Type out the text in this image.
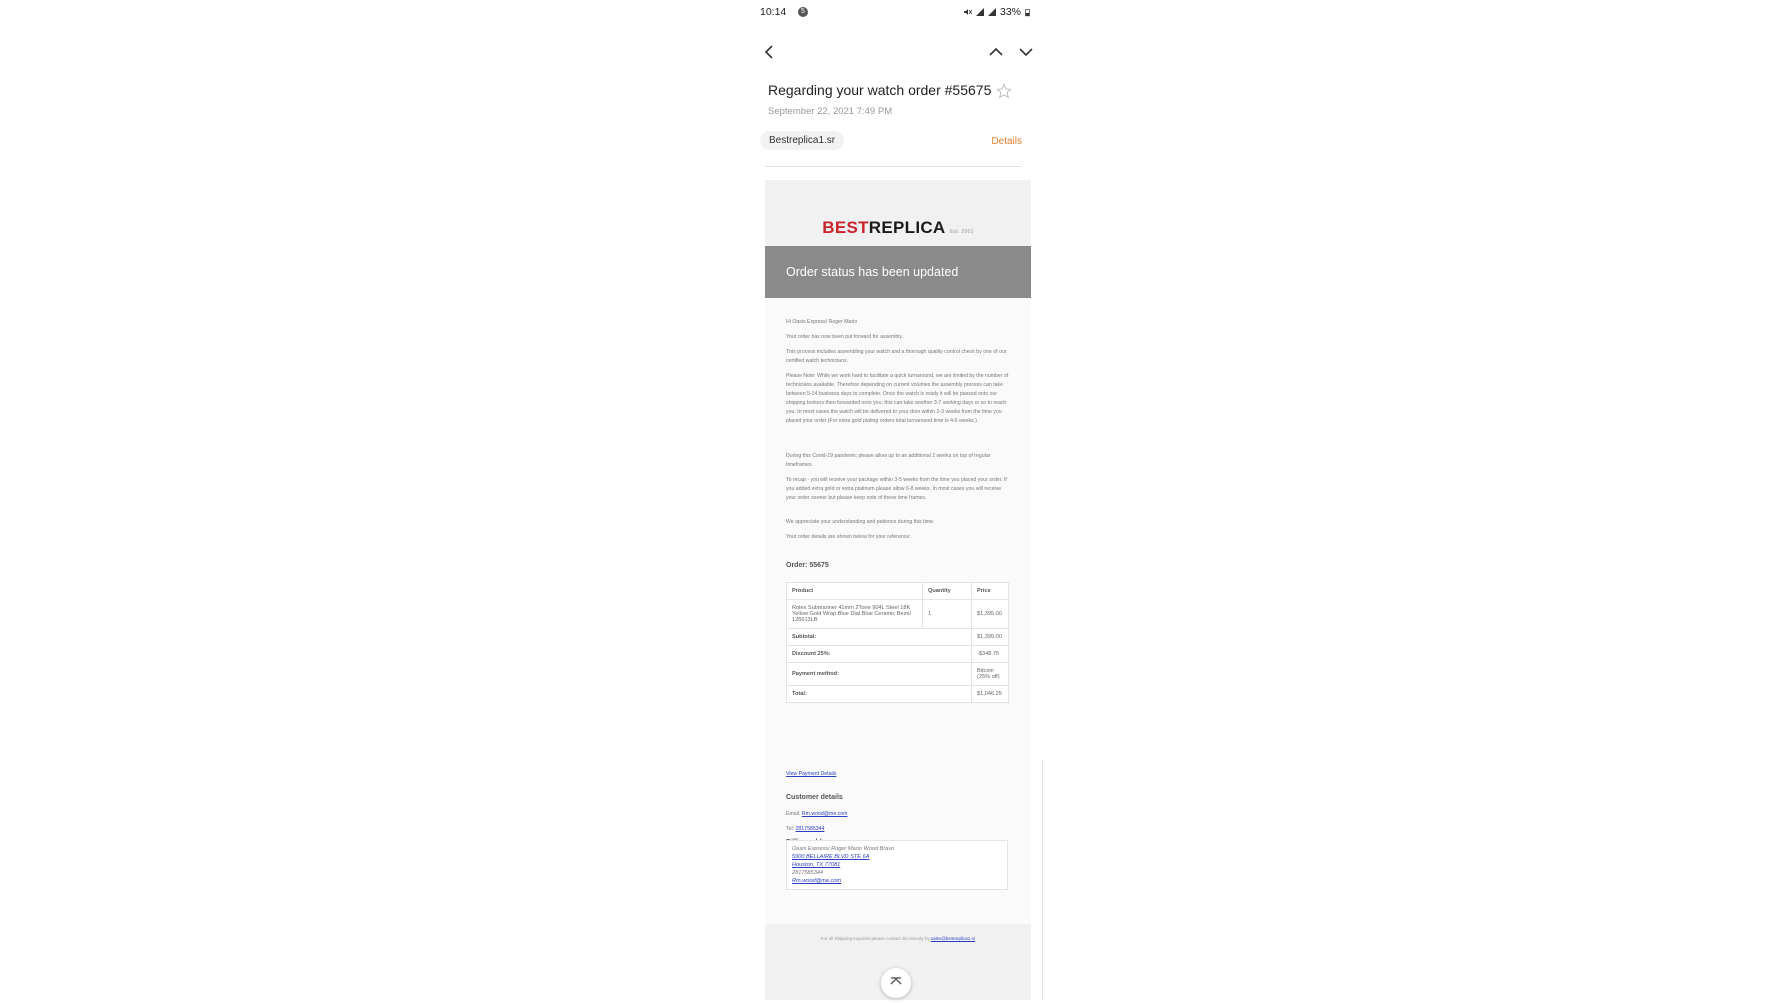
10:14	5	33%
Regarding your watch order #55675
September 22, 2021 7:49 PM
Bestreplica1.sr	Details
BESTREPLICA Est. 2001
Order status has been updated

Hi Oasis Express/ Roger Mario

Your order has now been put forward for assembly.

This process includes assembling your watch and a thorough quality control check by one of our certified watch technicians.

Please Note: While we work hard to facilitate a quick turnaround, we are limited by the number of technicians available. Therefore depending on current volumes the assembly process can take between 5-14 business days to complete. Once the watch is ready it will be passed onto our shipping brokers then forwarded onto you, this can take another 3-7 working days or so to reach you. In most cases the watch will be delivered to your door within 2-3 weeks from the time you placed your order (For extra gold plating orders total turnaround time is 4-6 weeks.)

During this Covid-19 pandemic please allow up to an additional 2 weeks on top of regular timeframes.

To recap - you will receive your package within 3-5 weeks from the time you placed your order. If you added extra gold or extra platinum please allow 6-8 weeks. In most cases you will receive your order sooner but please keep note of these time frames.

We appreciate your understanding and patience during this time.

Your order details are shown below for your reference:

Order: 55675
Product	Quantity	Price
Rolex Submariner 41mm 2Tone 904L Steel 18K Yellow Gold Wrap Blue Dial Blue Ceramic Bezel 126613LB	1	$1,395.00
Subtotal:		$1,395.00
Discount 25%:		-$348.75
Payment method:		Bitcoin (25% off)
Total:		$1,046.25
View Payment Details
Customer details
Email: Rm.wood@me.com
Tel: 2817585344
Oasis Express/ Roger Mario Wood Bravo
5900 BELLAIRE BLVD STE 6A
Houston, TX 77081
2817585344
Rm.wood@me.com
For all Shipping Inquiries please contact Jim Moody by sales@bestreplica1.sr
